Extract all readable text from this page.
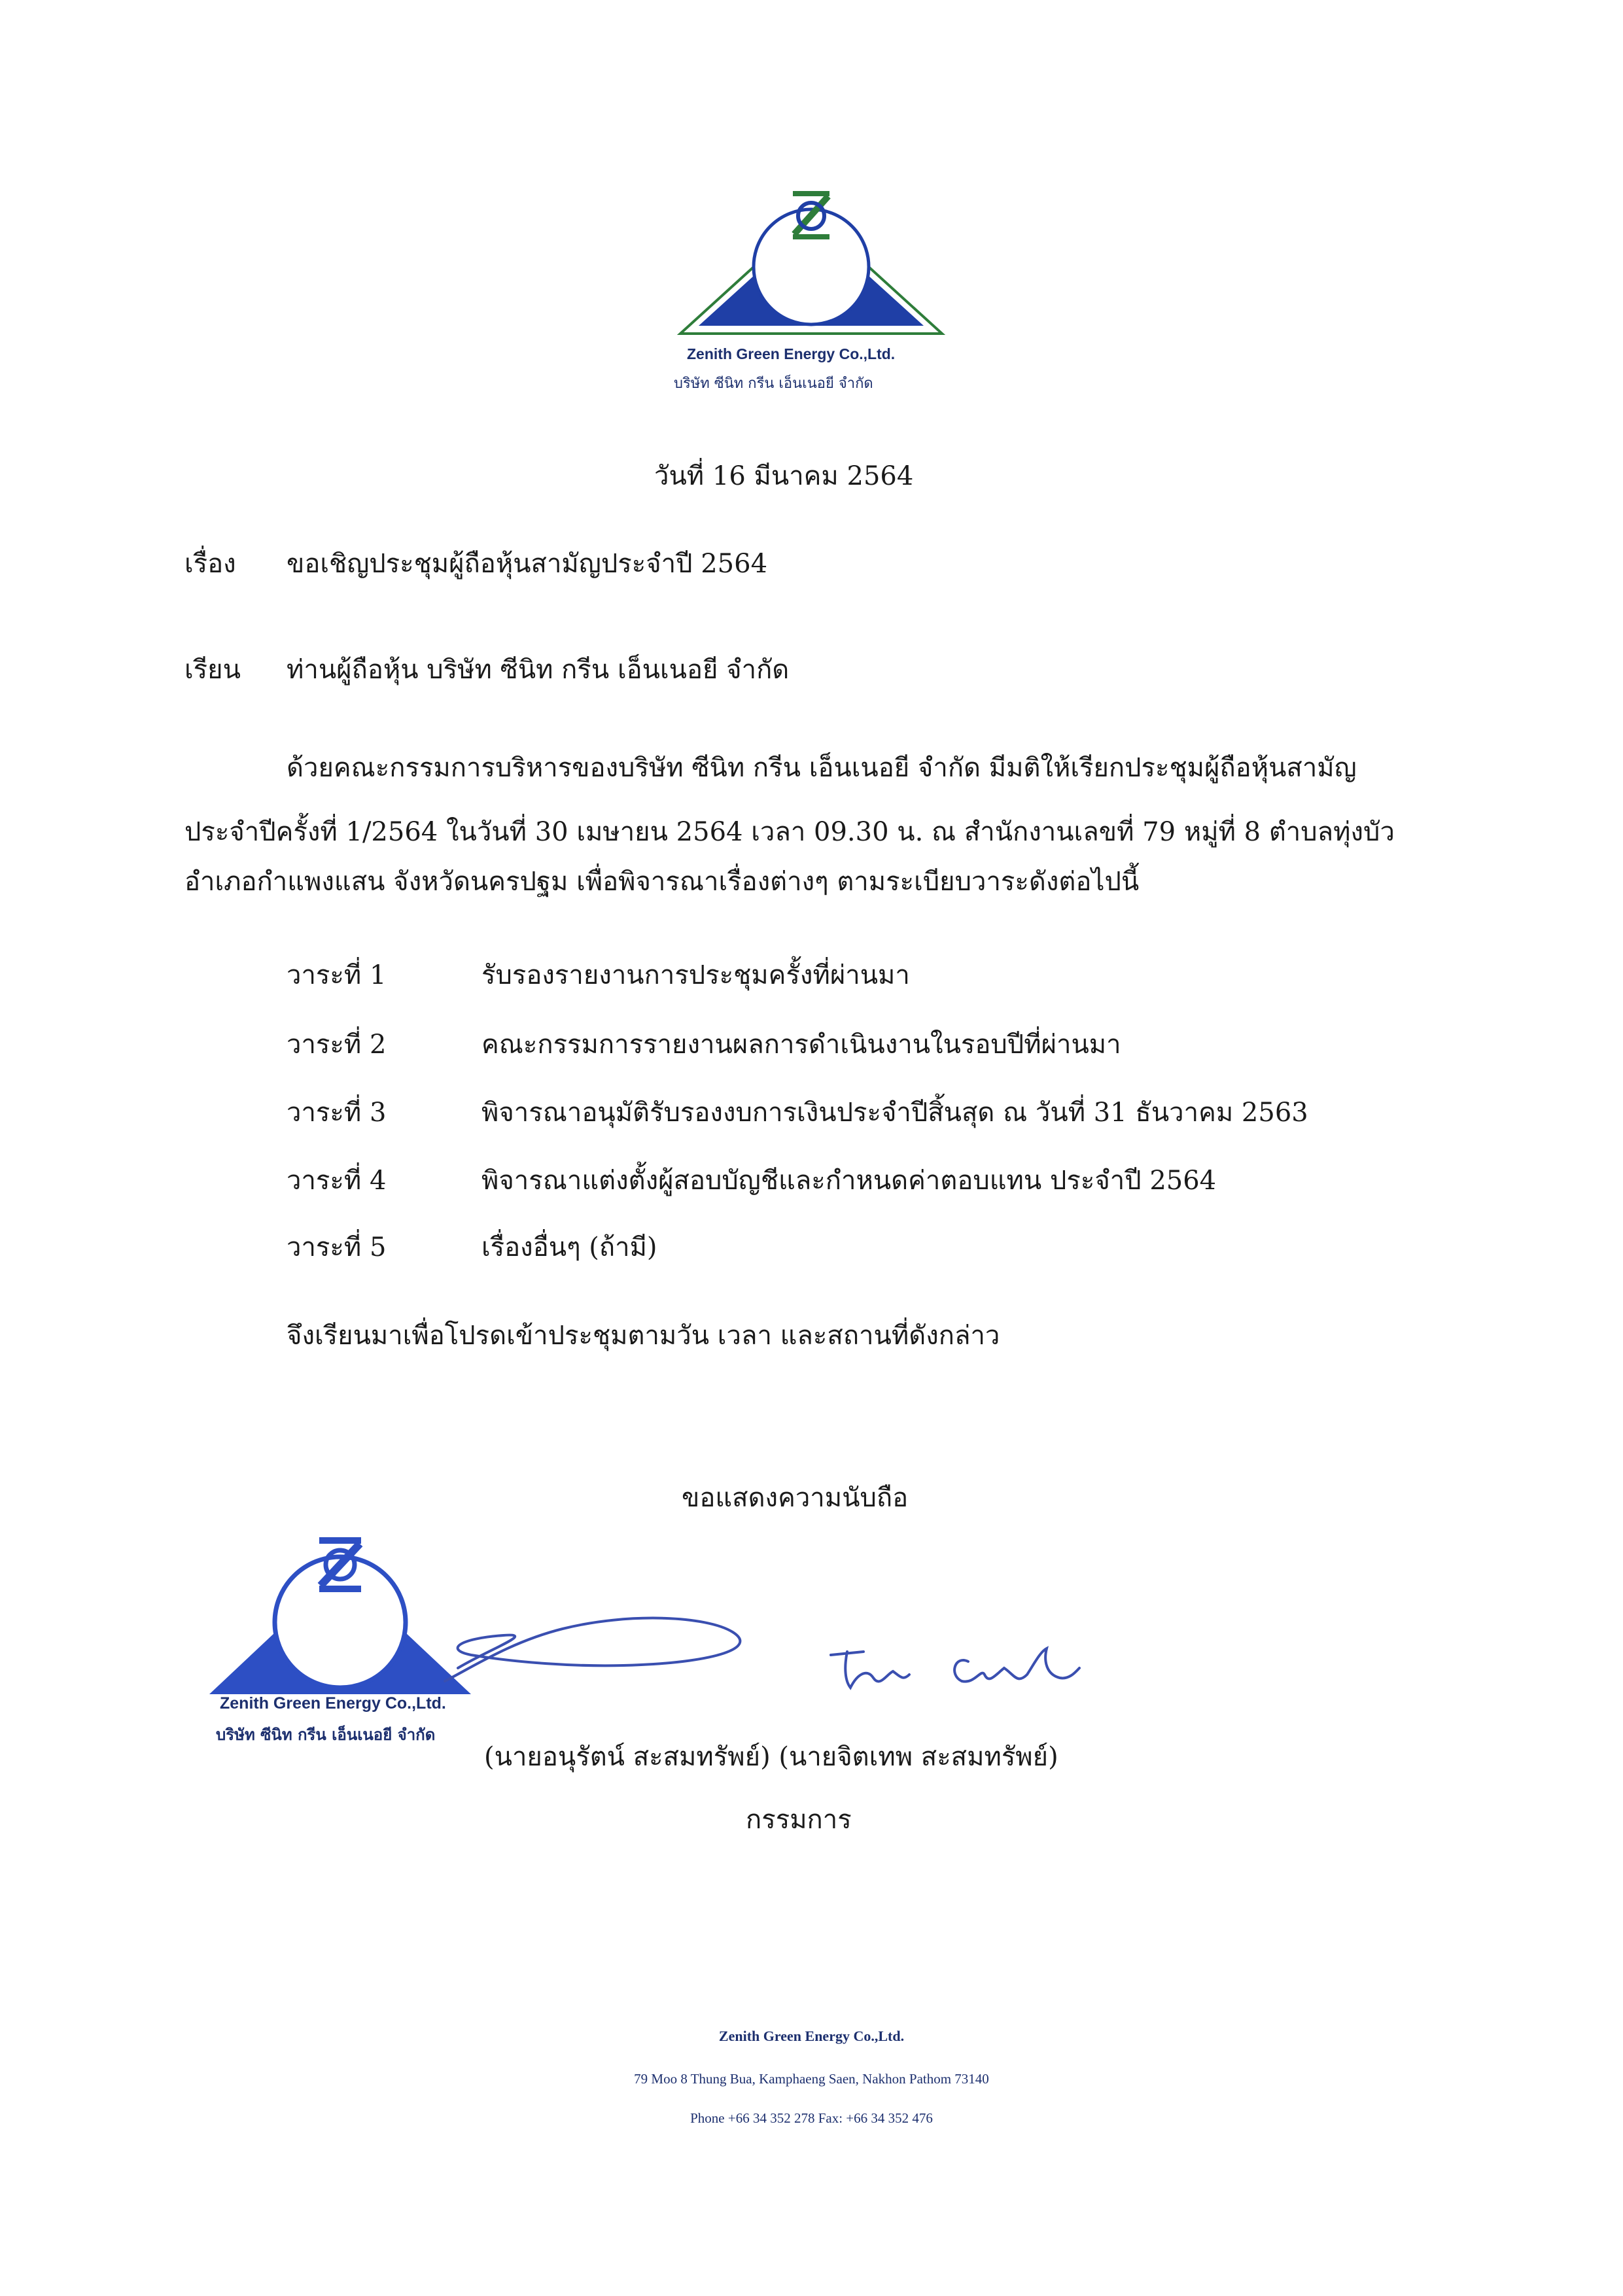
Zenith Green Energy Co.,Ltd.
บริษัท ซีนิท กรีน เอ็นเนอยี จำกัด
วันที่ 16 มีนาคม 2564
เรื่อง ขอเชิญประชุมผู้ถือหุ้นสามัญประจำปี 2564
เรียน ท่านผู้ถือหุ้น บริษัท ซีนิท กรีน เอ็นเนอยี จำกัด
ด้วยคณะกรรมการบริหารของบริษัท ซีนิท กรีน เอ็นเนอยี จำกัด มีมติให้เรียกประชุมผู้ถือหุ้นสามัญ
ประจำปีครั้งที่ 1/2564 ในวันที่ 30 เมษายน 2564 เวลา 09.30 น. ณ สำนักงานเลขที่ 79 หมู่ที่ 8 ตำบลทุ่งบัว
อำเภอกำแพงแสน จังหวัดนครปฐม เพื่อพิจารณาเรื่องต่างๆ ตามระเบียบวาระดังต่อไปนี้
วาระที่ 1	รับรองรายงานการประชุมครั้งที่ผ่านมา
วาระที่ 2	คณะกรรมการรายงานผลการดำเนินงานในรอบปีที่ผ่านมา
วาระที่ 3	พิจารณาอนุมัติรับรองงบการเงินประจำปีสิ้นสุด ณ วันที่ 31 ธันวาคม 2563
วาระที่ 4	พิจารณาแต่งตั้งผู้สอบบัญชีและกำหนดค่าตอบแทน ประจำปี 2564
วาระที่ 5	เรื่องอื่นๆ (ถ้ามี)
จึงเรียนมาเพื่อโปรดเข้าประชุมตามวัน เวลา และสถานที่ดังกล่าว
ขอแสดงความนับถือ
Zenith Green Energy Co.,Ltd.
บริษัท ซีนิท กรีน เอ็นเนอยี จำกัด
(นายอนุรัตน์ สะสมทรัพย์) (นายจิตเทพ สะสมทรัพย์)
กรรมการ
Zenith Green Energy Co.,Ltd.
79 Moo 8 Thung Bua, Kamphaeng Saen, Nakhon Pathom 73140
Phone +66 34 352 278 Fax: +66 34 352 476
